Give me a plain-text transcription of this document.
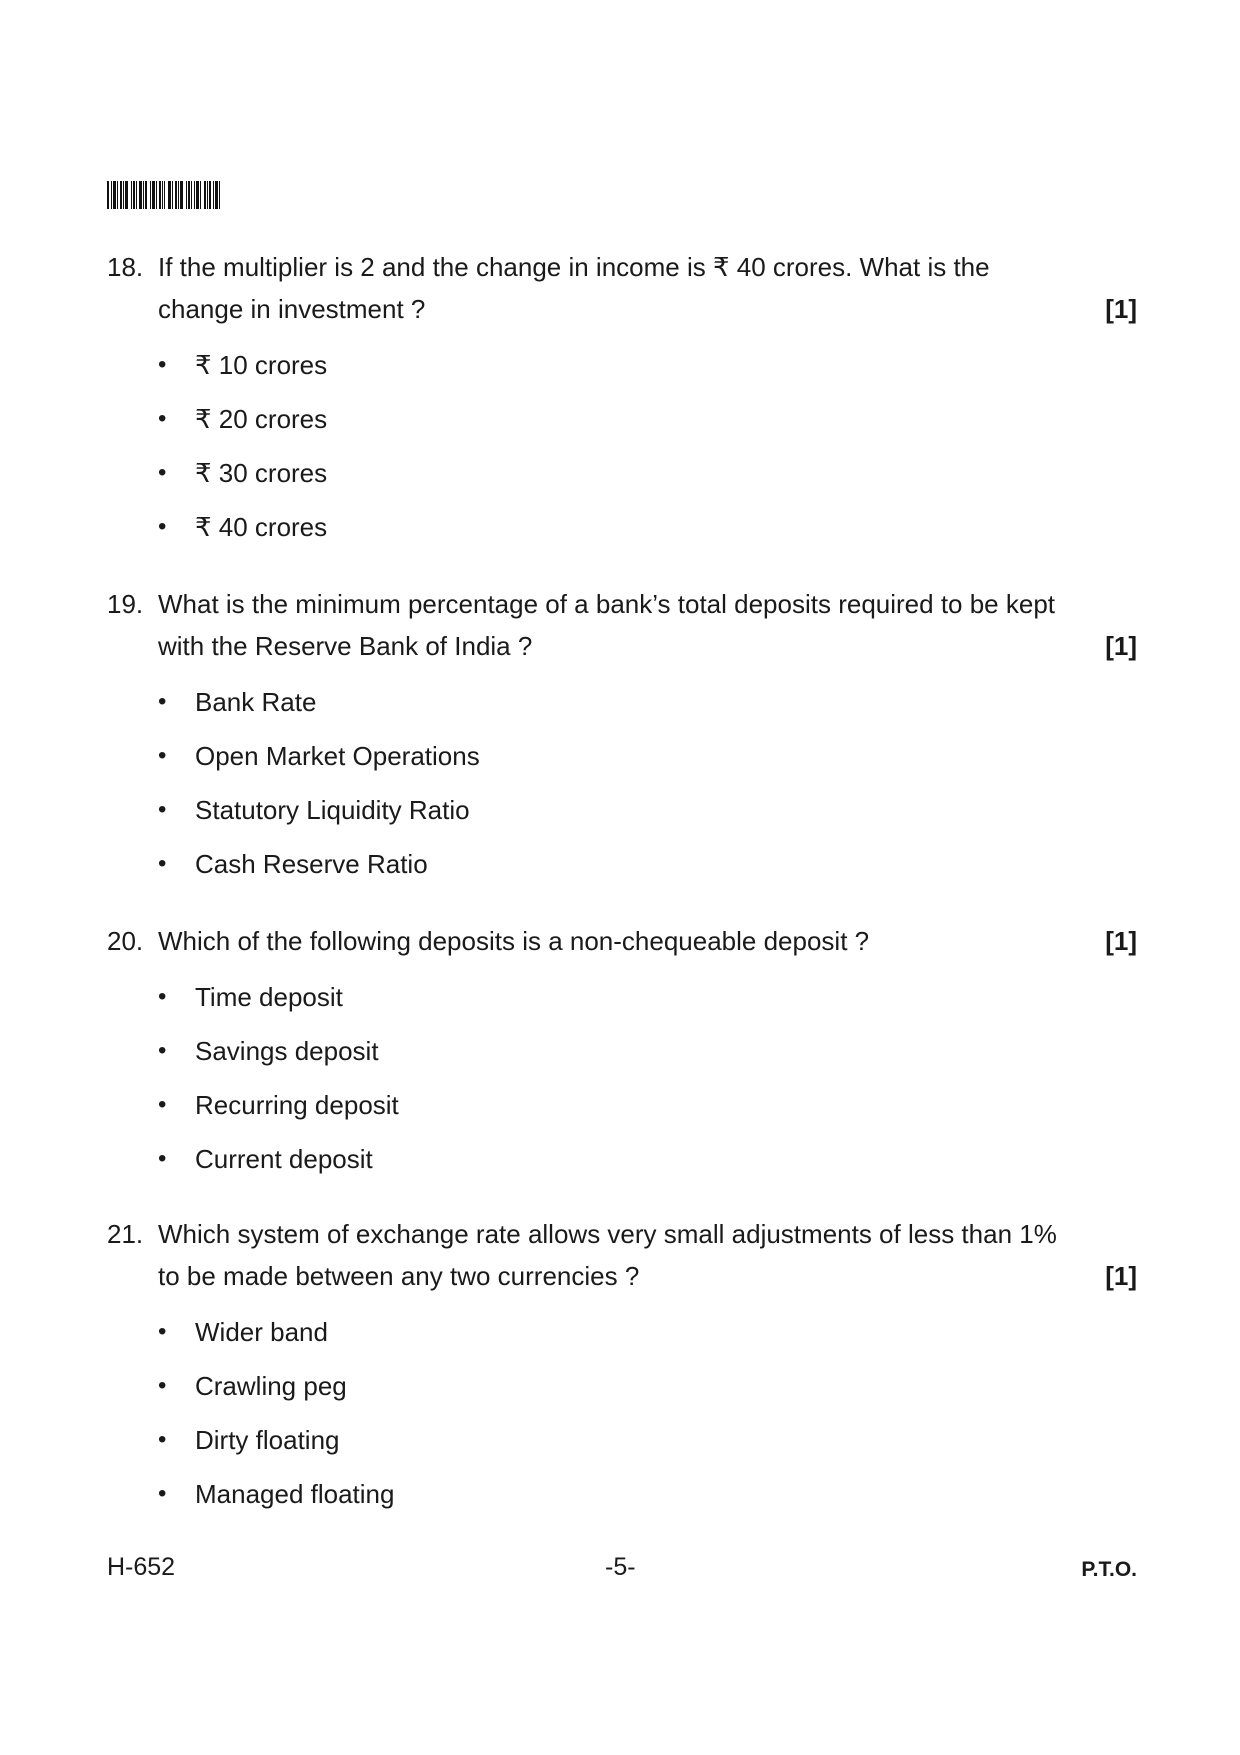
18. If the multiplier is 2 and the change in income is ₹ 40 crores. What is the change in investment ?	[1]
• ₹ 10 crores
• ₹ 20 crores
• ₹ 30 crores
• ₹ 40 crores
19. What is the minimum percentage of a bank’s total deposits required to be kept with the Reserve Bank of India ?	[1]
• Bank Rate
• Open Market Operations
• Statutory Liquidity Ratio
• Cash Reserve Ratio
20. Which of the following deposits is a non-chequeable deposit ?	[1]
• Time deposit
• Savings deposit
• Recurring deposit
• Current deposit
21. Which system of exchange rate allows very small adjustments of less than 1% to be made between any two currencies ?	[1]
• Wider band
• Crawling peg
• Dirty floating
• Managed floating
H-652	-5-	P.T.O.
